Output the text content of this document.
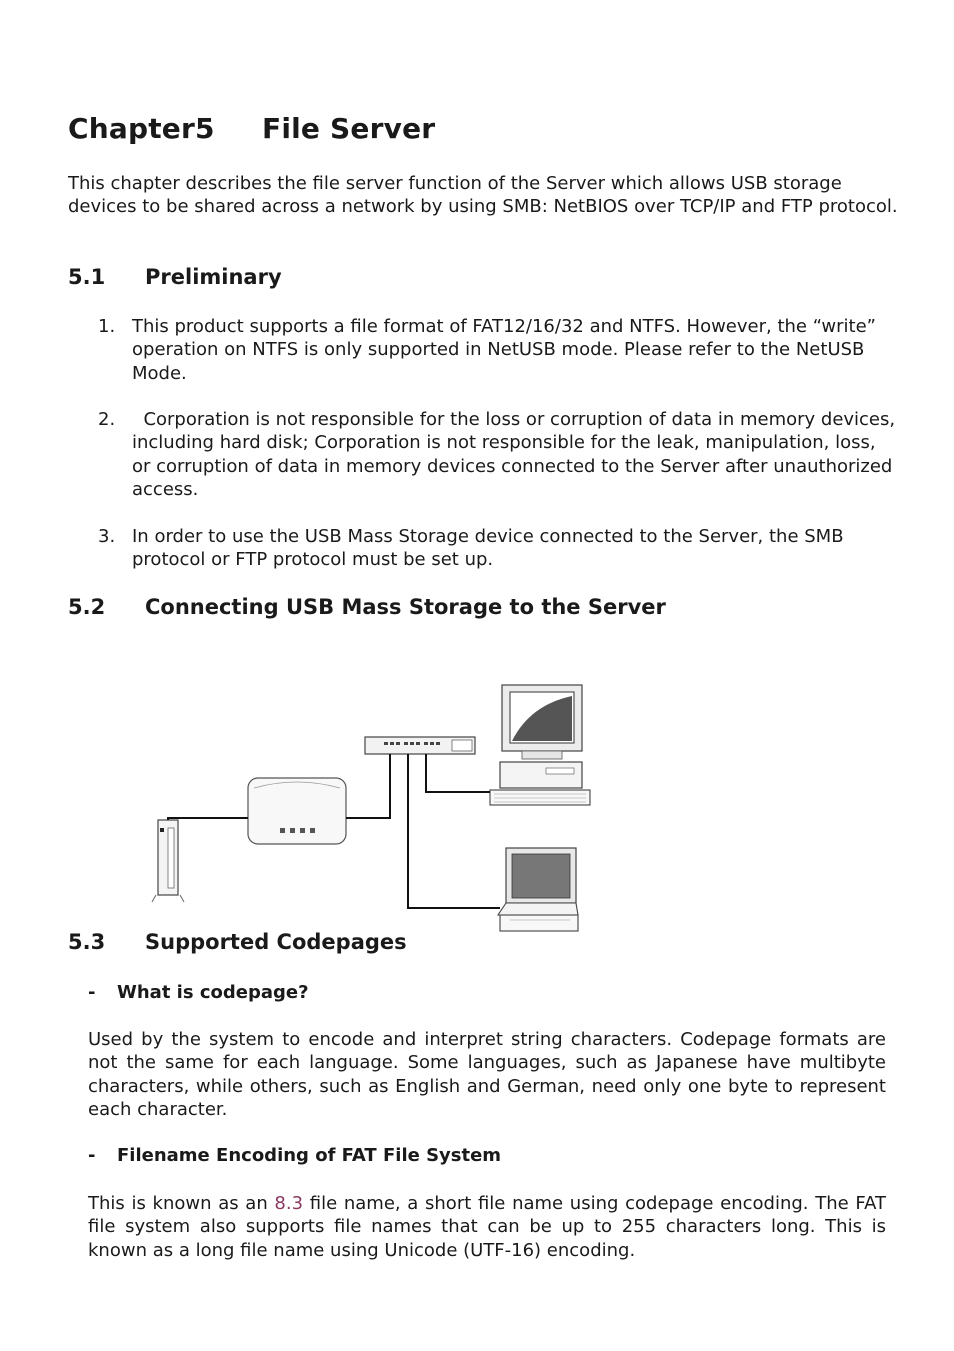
Chapter5 File Server

This chapter describes the file server function of the Server which allows USB storage devices to be shared across a network by using SMB: NetBIOS over TCP/IP and FTP protocol.

5.1 Preliminary
1. This product supports a file format of FAT12/16/32 and NTFS. However, the “write” operation on NTFS is only supported in NetUSB mode. Please refer to the NetUSB Mode.
2. Corporation is not responsible for the loss or corruption of data in memory devices, including hard disk; Corporation is not responsible for the leak, manipulation, loss, or corruption of data in memory devices connected to the Server after unauthorized access.
3. In order to use the USB Mass Storage device connected to the Server, the SMB protocol or FTP protocol must be set up.
5.2 Connecting USB Mass Storage to the Server
5.3 Supported Codepages
- What is codepage?

Used by the system to encode and interpret string characters. Codepage formats are not the same for each language. Some languages, such as Japanese have multibyte characters, while others, such as English and German, need only one byte to represent each character.

- Filename Encoding of FAT File System

This is known as an 8.3 file name, a short file name using codepage encoding. The FAT file system also supports file names that can be up to 255 characters long. This is known as a long file name using Unicode (UTF-16) encoding.
